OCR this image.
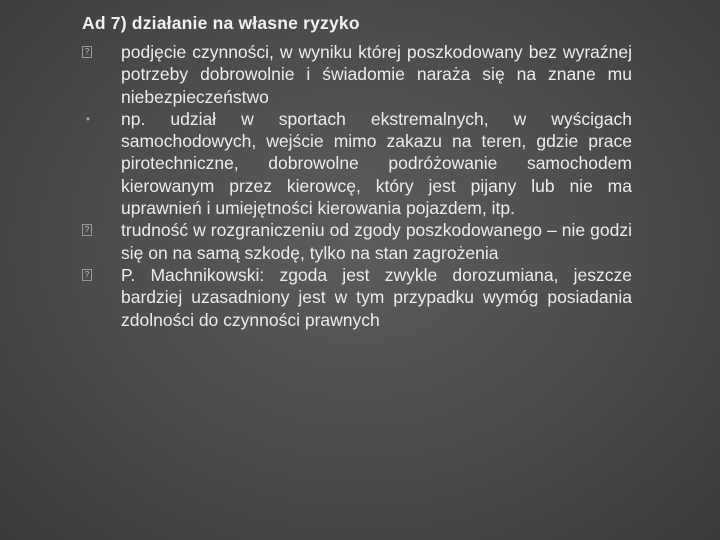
Ad 7) działanie na własne ryzyko
? podjęcie czynności, w wyniku której poszkodowany bez wyraźnej potrzeby dobrowolnie i świadomie naraża się na znane mu niebezpieczeństwo
• np. udział w sportach ekstremalnych, w wyścigach samochodowych, wejście mimo zakazu na teren, gdzie prace pirotechniczne, dobrowolne podróżowanie samochodem kierowanym przez kierowcę, który jest pijany lub nie ma uprawnień i umiejętności kierowania pojazdem, itp.
? trudność w rozgraniczeniu od zgody poszkodowanego – nie godzi się on na samą szkodę, tylko na stan zagrożenia
? P. Machnikowski: zgoda jest zwykle dorozumiana, jeszcze bardziej uzasadniony jest w tym przypadku wymóg posiadania zdolności do czynności prawnych
